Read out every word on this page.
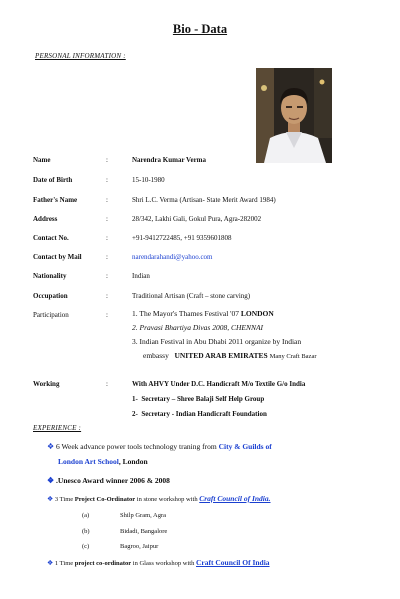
Bio - Data
PERSONAL INFORMATION :
Name	:	Narendra Kumar Verma
Date of Birth	:	15-10-1980
Father's Name	:	Shri L.C. Verma (Artisan- State Merit Award 1984)
Address	:	28/342, Lakhi Gali, Gokul Pura, Agra-282002
Contact No.	:	+91-9412722485, +91 9359601808
Contact by Mail	:	narendarahandi@yahoo.com
Nationality	:	Indian
Occupation	:	Traditional Artisan (Craft – stone carving)
Participation	:	1. The Mayor's Thames Festival '07 LONDON
2. Pravasi Bhartiya Divas 2008, CHENNAI
3. Indian Festival in Abu Dhabi 2011 organize by Indian
embassy UNITED ARAB EMIRATES Many Craft Bazar
Working	:	With AHVY Under D.C. Handicraft M/o Textile G/o India
1- Secretary – Shree Balaji Self Help Group
2- Secretary - Indian Handicraft Foundation
EXPERIENCE :
❖ 6 Week advance power tools technology traning from City & Guilds of
London Art School, London
❖ .Unesco Award winner 2006 & 2008
❖ 3 Time Project Co-Ordinator in stone workshop with Craft Council of India.
(a)	Shilp Gram, Agra
(b)	Bidadi, Bangalore
(c)	Bagroo, Jaipur
❖ 1 Time project co-ordinator in Glass workshop with Craft Council Of India
